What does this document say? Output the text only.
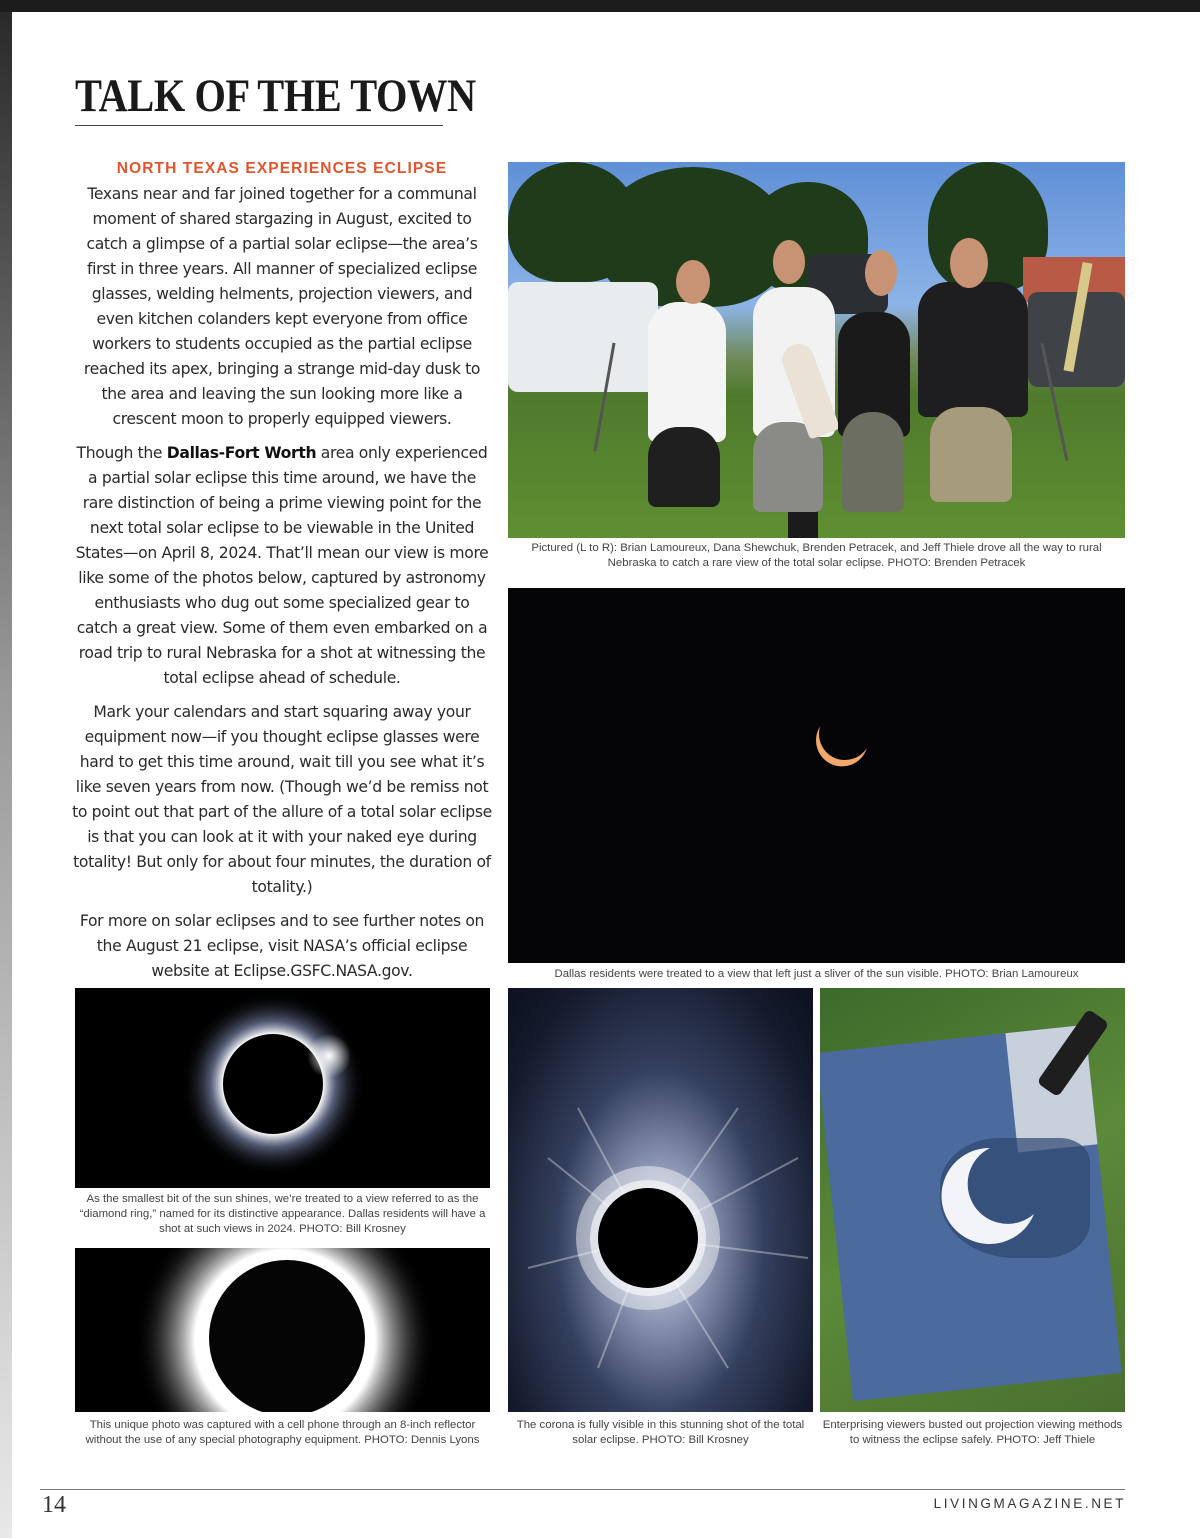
TALK OF THE TOWN
NORTH TEXAS EXPERIENCES ECLIPSE

Texans near and far joined together for a communal moment of shared stargazing in August, excited to catch a glimpse of a partial solar eclipse—the area’s first in three years. All manner of specialized eclipse glasses, welding helments, projection viewers, and even kitchen colanders kept everyone from office workers to students occupied as the partial eclipse reached its apex, bringing a strange mid-day dusk to the area and leaving the sun looking more like a crescent moon to properly equipped viewers.

Though the Dallas-Fort Worth area only experienced a partial solar eclipse this time around, we have the rare distinction of being a prime viewing point for the next total solar eclipse to be viewable in the United States—on April 8, 2024. That’ll mean our view is more like some of the photos below, captured by astronomy enthusiasts who dug out some specialized gear to catch a great view. Some of them even embarked on a road trip to rural Nebraska for a shot at witnessing the total eclipse ahead of schedule.

Mark your calendars and start squaring away your equipment now—if you thought eclipse glasses were hard to get this time around, wait till you see what it’s like seven years from now. (Though we’d be remiss not to point out that part of the allure of a total solar eclipse is that you can look at it with your naked eye during totality! But only for about four minutes, the duration of totality.)

For more on solar eclipses and to see further notes on the August 21 eclipse, visit NASA’s official eclipse website at Eclipse.GSFC.NASA.gov.

Pictured (L to R): Brian Lamoureux, Dana Shewchuk, Brenden Petracek, and Jeff Thiele drove all the way to rural Nebraska to catch a rare view of the total solar eclipse. PHOTO: Brenden Petracek
Dallas residents were treated to a view that left just a sliver of the sun visible. PHOTO: Brian Lamoureux
As the smallest bit of the sun shines, we’re treated to a view referred to as the “diamond ring,” named for its distinctive appearance. Dallas residents will have a shot at such views in 2024. PHOTO: Bill Krosney
This unique photo was captured with a cell phone through an 8-inch reflector without the use of any special photography equipment. PHOTO: Dennis Lyons
The corona is fully visible in this stunning shot of the total solar eclipse. PHOTO: Bill Krosney
Enterprising viewers busted out projection viewing methods to witness the eclipse safely. PHOTO: Jeff Thiele
14	LIVINGMAGAZINE.NET
